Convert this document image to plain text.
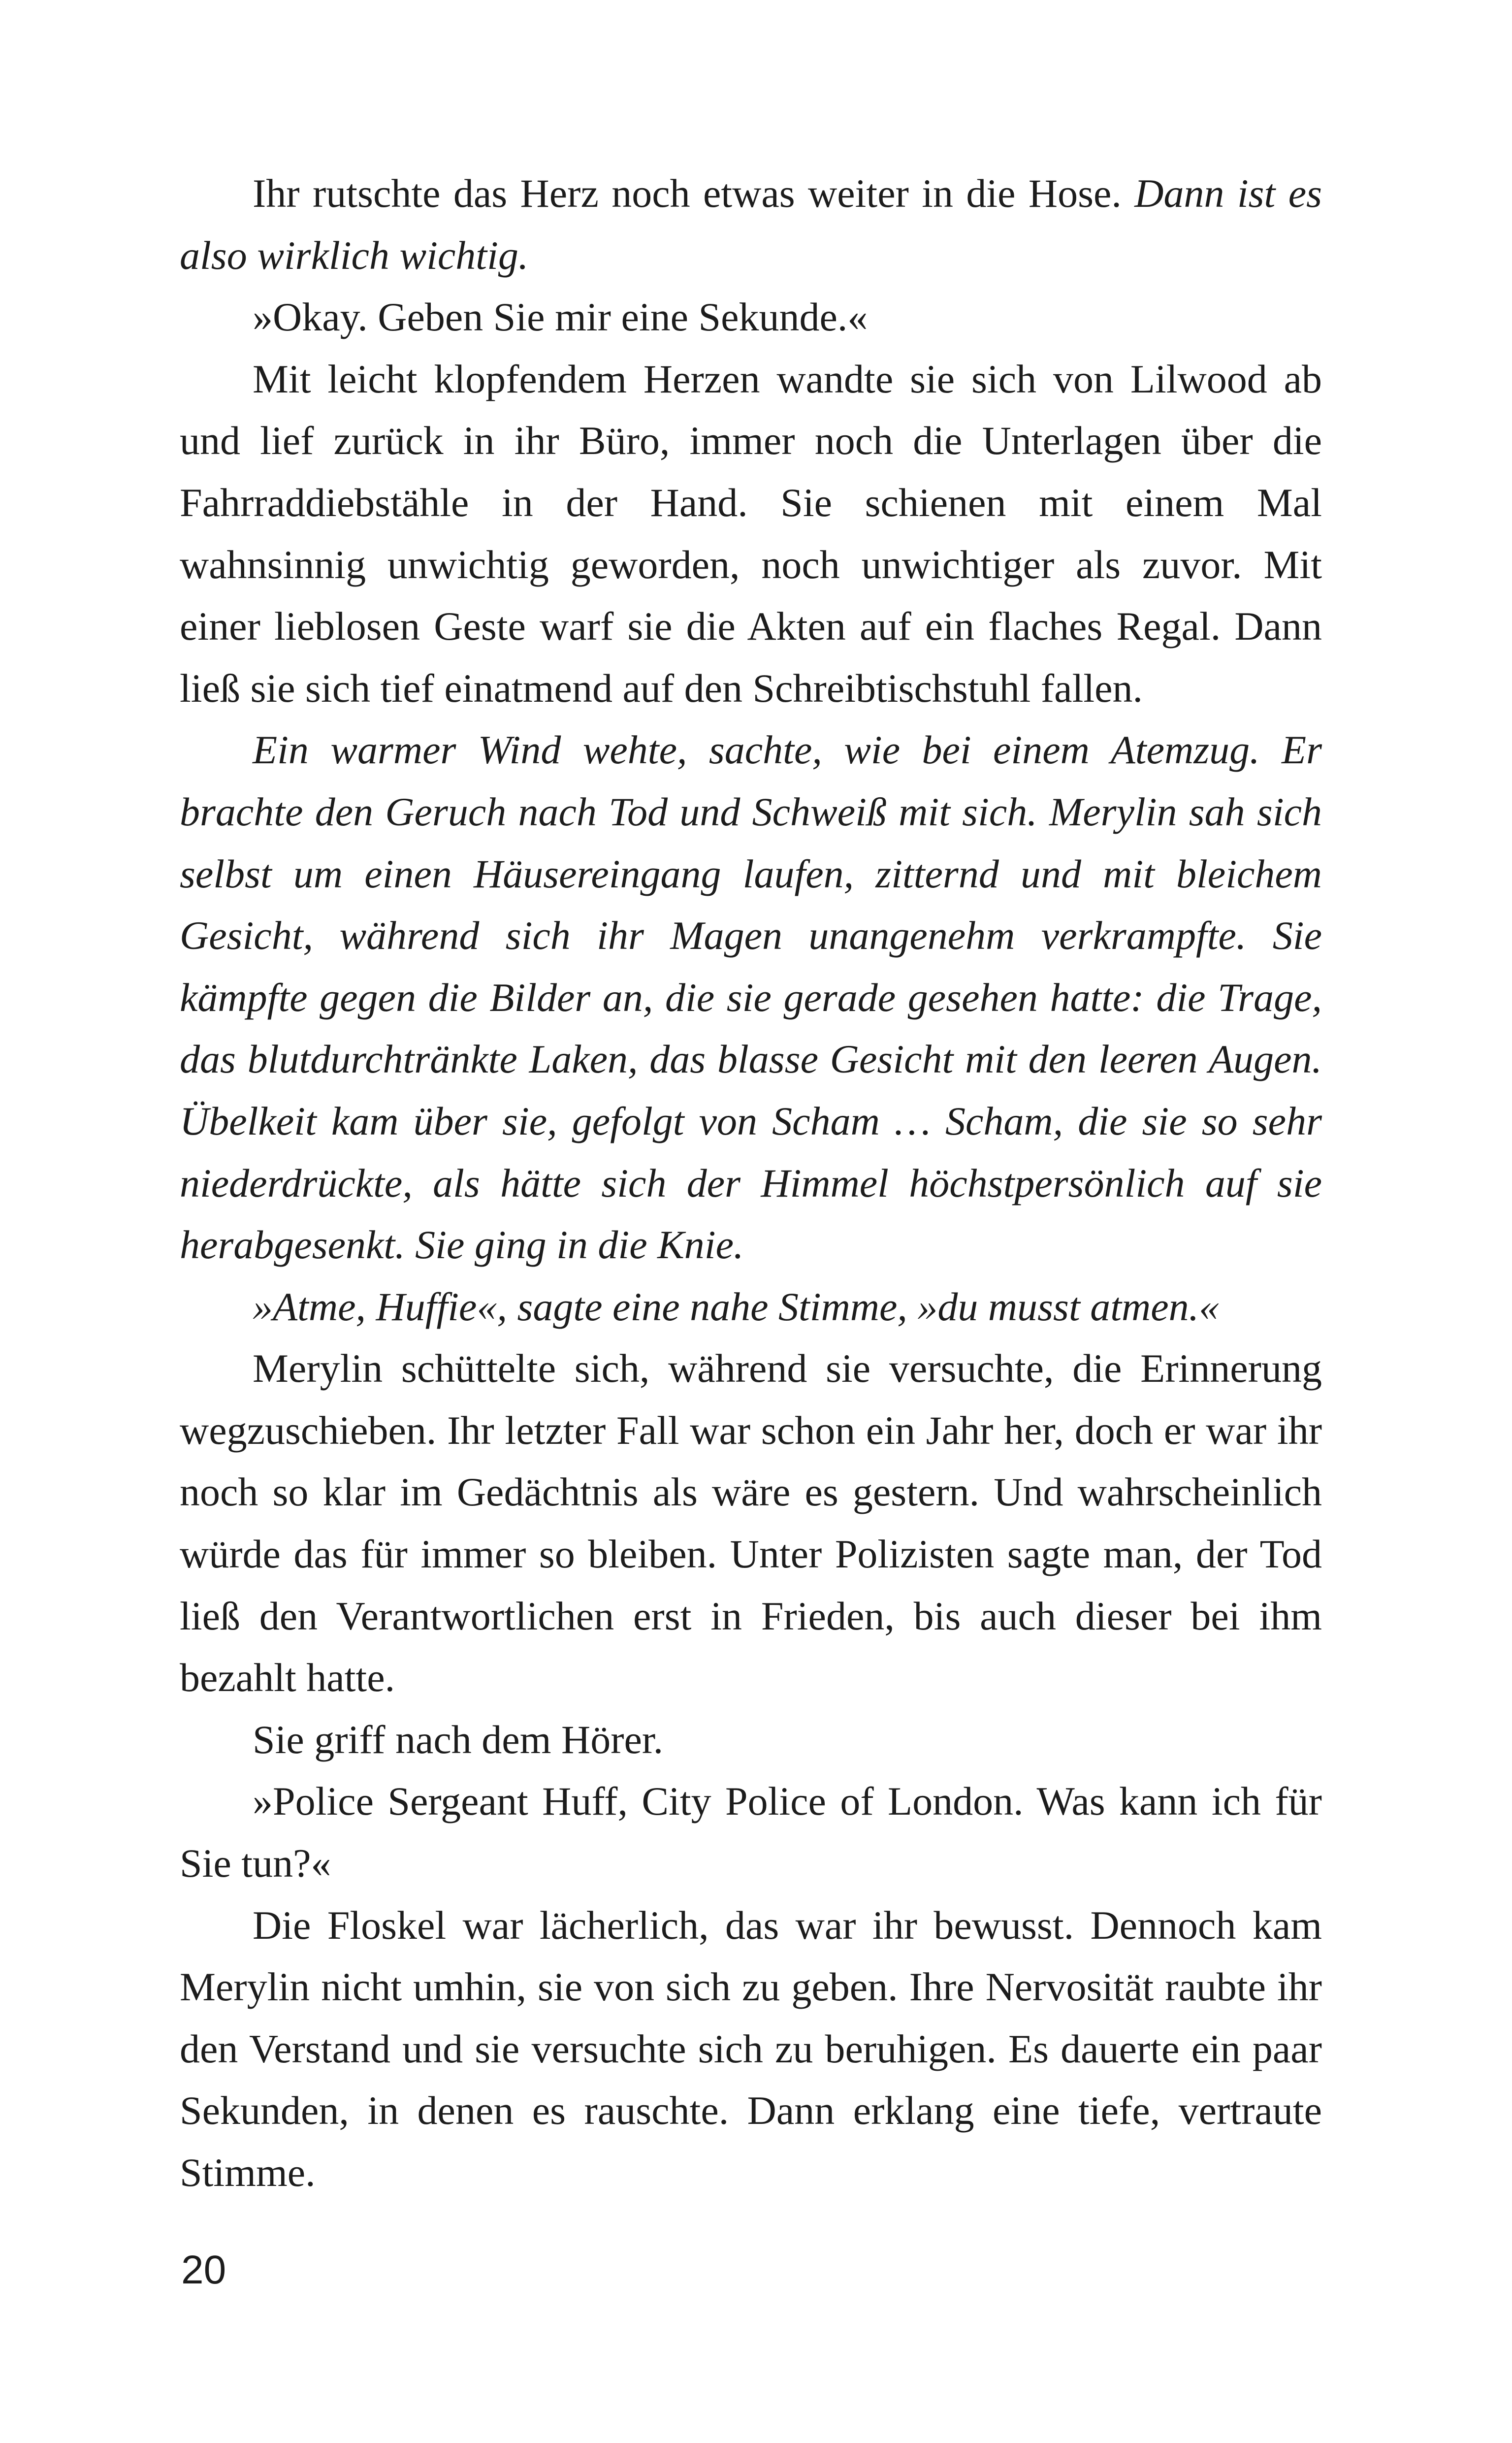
Ihr rutschte das Herz noch etwas weiter in die Hose. Dann ist es also wirklich wichtig.

»Okay. Geben Sie mir eine Sekunde.«

Mit leicht klopfendem Herzen wandte sie sich von Lilwood ab und lief zurück in ihr Büro, immer noch die Unterlagen über die Fahrraddiebstähle in der Hand. Sie schienen mit einem Mal wahnsinnig unwichtig geworden, noch unwichtiger als zuvor. Mit einer lieblosen Geste warf sie die Akten auf ein flaches Regal. Dann ließ sie sich tief einatmend auf den Schreibtischstuhl fallen.

Ein warmer Wind wehte, sachte, wie bei einem Atemzug. Er brachte den Geruch nach Tod und Schweiß mit sich. Merylin sah sich selbst um einen Häusereingang laufen, zitternd und mit bleichem Gesicht, während sich ihr Magen unangenehm verkrampfte. Sie kämpfte gegen die Bilder an, die sie gerade gesehen hatte: die Trage, das blutdurchtränkte Laken, das blasse Gesicht mit den leeren Augen. Übelkeit kam über sie, gefolgt von Scham … Scham, die sie so sehr niederdrückte, als hätte sich der Himmel höchstpersönlich auf sie herabgesenkt. Sie ging in die Knie.

»Atme, Huffie«, sagte eine nahe Stimme, »du musst atmen.«

Merylin schüttelte sich, während sie versuchte, die Erinnerung wegzuschieben. Ihr letzter Fall war schon ein Jahr her, doch er war ihr noch so klar im Gedächtnis als wäre es gestern. Und wahrscheinlich würde das für immer so bleiben. Unter Polizisten sagte man, der Tod ließ den Verantwortlichen erst in Frieden, bis auch dieser bei ihm bezahlt hatte.

Sie griff nach dem Hörer.

»Police Sergeant Huff, City Police of London. Was kann ich für Sie tun?«

Die Floskel war lächerlich, das war ihr bewusst. Dennoch kam Merylin nicht umhin, sie von sich zu geben. Ihre Nervosität raubte ihr den Verstand und sie versuchte sich zu beruhigen. Es dauerte ein paar Sekunden, in denen es rauschte. Dann erklang eine tiefe, vertraute Stimme.

20
